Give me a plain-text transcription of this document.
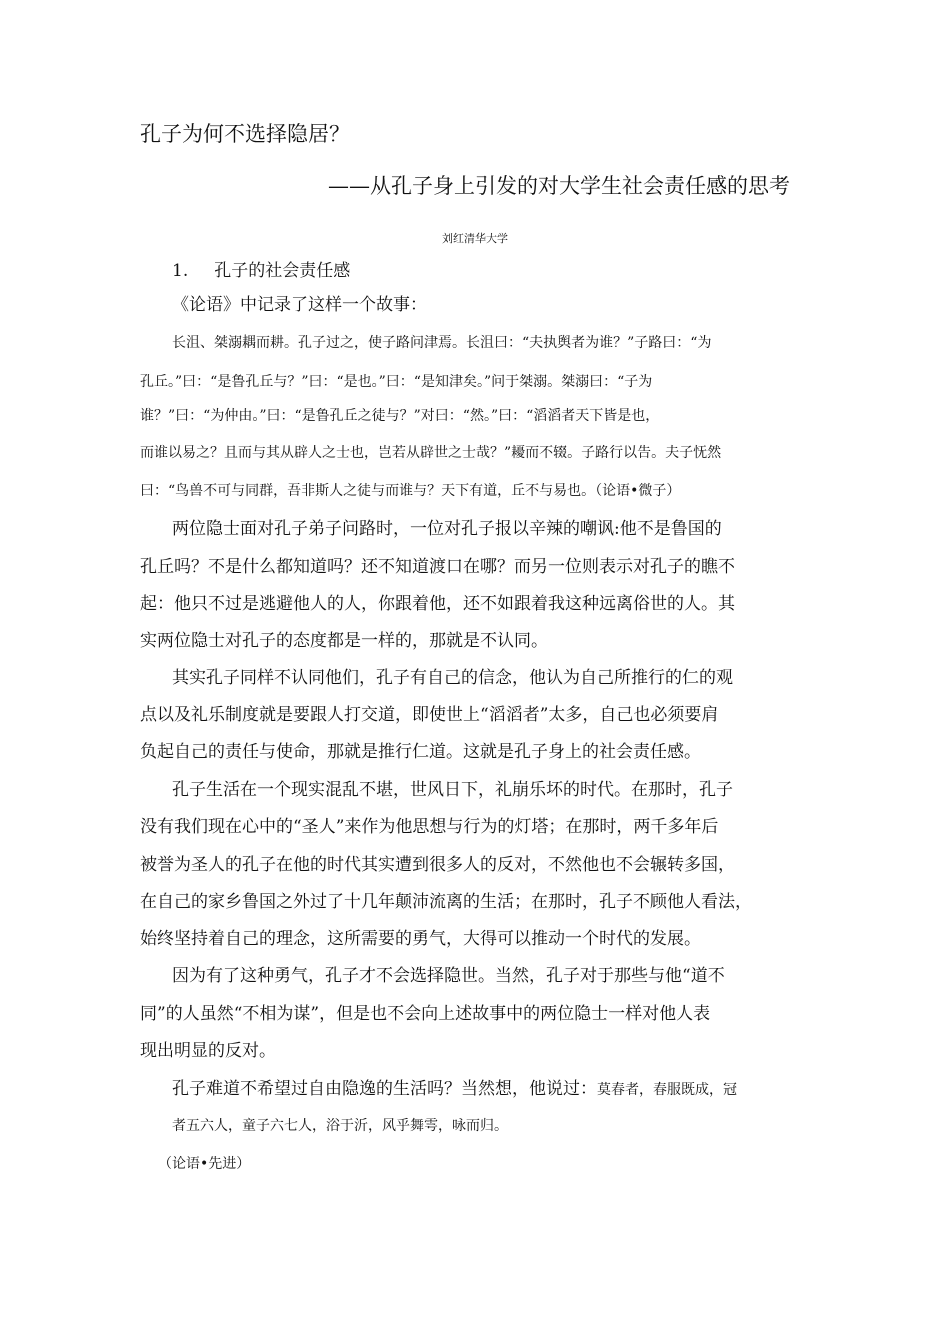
孔子为何不选择隐居？
——从孔子身上引发的对大学生社会责任感的思考
刘红清华大学
1. 孔子的社会责任感
《论语》中记录了这样一个故事：
长沮、桀溺耦而耕。孔子过之，使子路问津焉。长沮曰：“夫执舆者为谁？”子路曰：“为
孔丘。”曰：“是鲁孔丘与？”曰：“是也。”曰：“是知津矣。”问于桀溺。桀溺曰：“子为
谁？”曰：“为仲由。”曰：“是鲁孔丘之徒与？”对曰：“然。”曰：“滔滔者天下皆是也，
而谁以易之？且而与其从辟人之士也，岂若从辟世之士哉？”耰而不辍。子路行以告。夫子怃然
曰：“鸟兽不可与同群，吾非斯人之徒与而谁与？天下有道，丘不与易也。（论语•微子）
两位隐士面对孔子弟子问路时，一位对孔子报以辛辣的嘲讽:他不是鲁国的
孔丘吗？不是什么都知道吗？还不知道渡口在哪？而另一位则表示对孔子的瞧不
起：他只不过是逃避他人的人，你跟着他，还不如跟着我这种远离俗世的人。其
实两位隐士对孔子的态度都是一样的，那就是不认同。
其实孔子同样不认同他们，孔子有自己的信念，他认为自己所推行的仁的观
点以及礼乐制度就是要跟人打交道，即使世上“滔滔者”太多，自己也必须要肩
负起自己的责任与使命，那就是推行仁道。这就是孔子身上的社会责任感。
孔子生活在一个现实混乱不堪，世风日下，礼崩乐坏的时代。在那时，孔子
没有我们现在心中的“圣人”来作为他思想与行为的灯塔；在那时，两千多年后
被誉为圣人的孔子在他的时代其实遭到很多人的反对，不然他也不会辗转多国，
在自己的家乡鲁国之外过了十几年颠沛流离的生活；在那时，孔子不顾他人看法，
始终坚持着自己的理念，这所需要的勇气，大得可以推动一个时代的发展。
因为有了这种勇气，孔子才不会选择隐世。当然，孔子对于那些与他“道不
同”的人虽然“不相为谋”，但是也不会向上述故事中的两位隐士一样对他人表
现出明显的反对。
孔子难道不希望过自由隐逸的生活吗？当然想，他说过：莫春者，春服既成，冠
者五六人，童子六七人，浴于沂，风乎舞雩，咏而归。
（论语•先进）
